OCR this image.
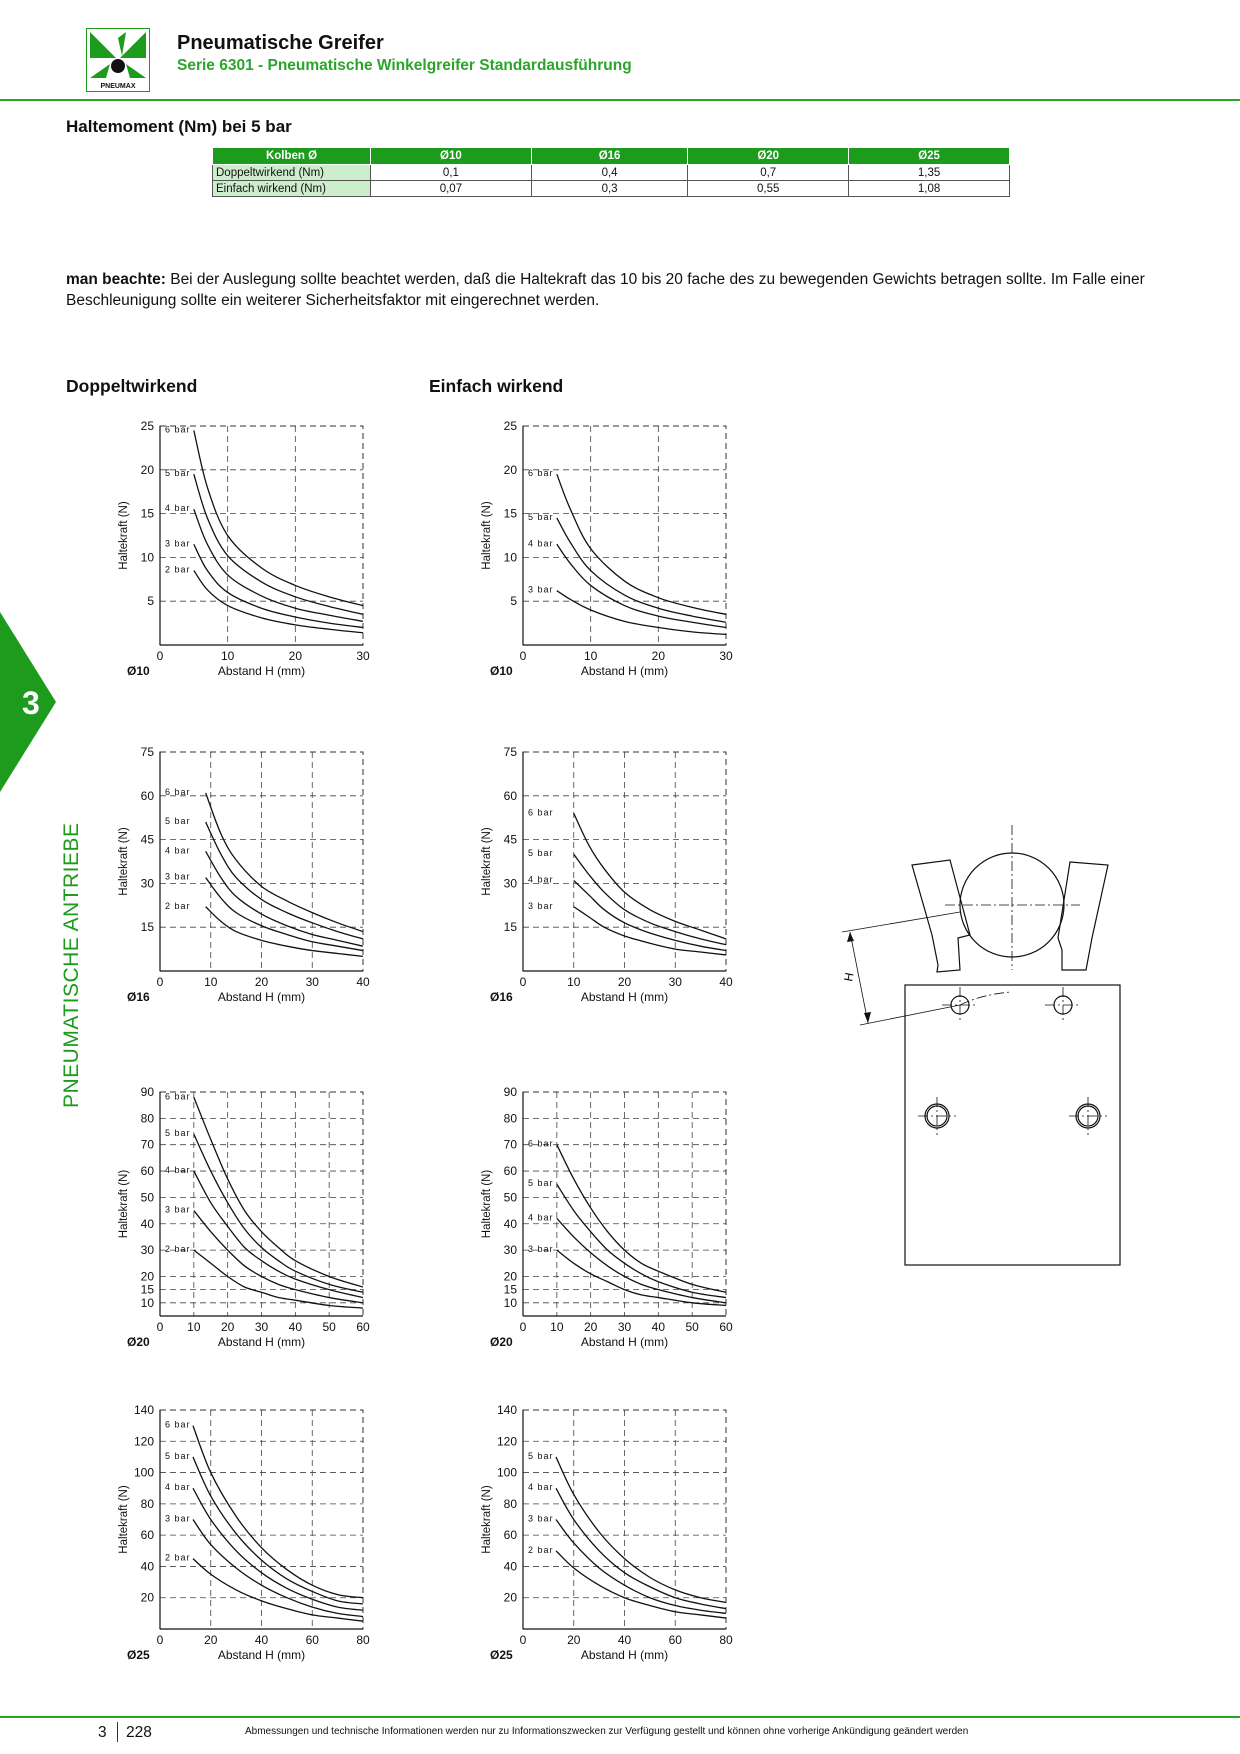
PNEUMAX
Pneumatische Greifer
Serie 6301 - Pneumatische Winkelgreifer Standardausführung
Haltemoment (Nm) bei 5 bar
Kolben Ø	Ø10	Ø16	Ø20	Ø25
Doppeltwirkend (Nm)	0,1	0,4	0,7	1,35
Einfach wirkend (Nm)	0,07	0,3	0,55	1,08
man beachte: Bei der Auslegung sollte beachtet werden, daß die Haltekraft das 10 bis 20 fache des zu bewegenden Gewichts betragen sollte. Im Falle einer Beschleunigung sollte ein weiterer Sicherheitsfaktor mit eingerechnet werden.
Doppeltwirkend	Einfach wirkend
3
PNEUMATISCHE ANTRIEBE
0	10	20	30
5
10
15
20
25 6 bar
5 bar
4 bar
3 bar
2 bar
Haltekraft (N)
Abstand H (mm)
Ø10
0	10	20	30
5
10
15
20
25
6 bar
5 bar
4 bar
3 bar
Haltekraft (N)
Abstand H (mm)
Ø10
0	10	20	30	40
15
30
45
60
75
6 bar
5 bar
4 bar
3 bar
2 bar
Haltekraft (N)
Abstand H (mm)
Ø16
0	10	20	30	40
15
30
45
60
75
6 bar
5 bar
4 bar
3 bar
Haltekraft (N)
Abstand H (mm)
Ø16
0 10 20 30 40 50 60
10
15
20
30
40
50
60
70
80
90 6 bar
5 bar
4 bar
3 bar
2 bar
Haltekraft (N)
Abstand H (mm)
Ø20
0 10 20 30 40 50 60
10
15
20
30
40
50
60
70
80
90
6 bar
5 bar
4 bar
3 bar
Haltekraft (N)
Abstand H (mm)
Ø20
0	20	40	60	80
20
40
60
80
100
120
140
6 bar
5 bar
4 bar
3 bar
2 bar
Haltekraft (N)
Abstand H (mm)
Ø25
0	20	40	60	80
20
40
60
80
100
120
140
5 bar
4 bar
3 bar
2 bar
Haltekraft (N)
Abstand H (mm)
Ø25
H
3 228	Abmessungen und technische Informationen werden nur zu Informationszwecken zur Verfügung gestellt und können ohne vorherige Ankündigung geändert werden
